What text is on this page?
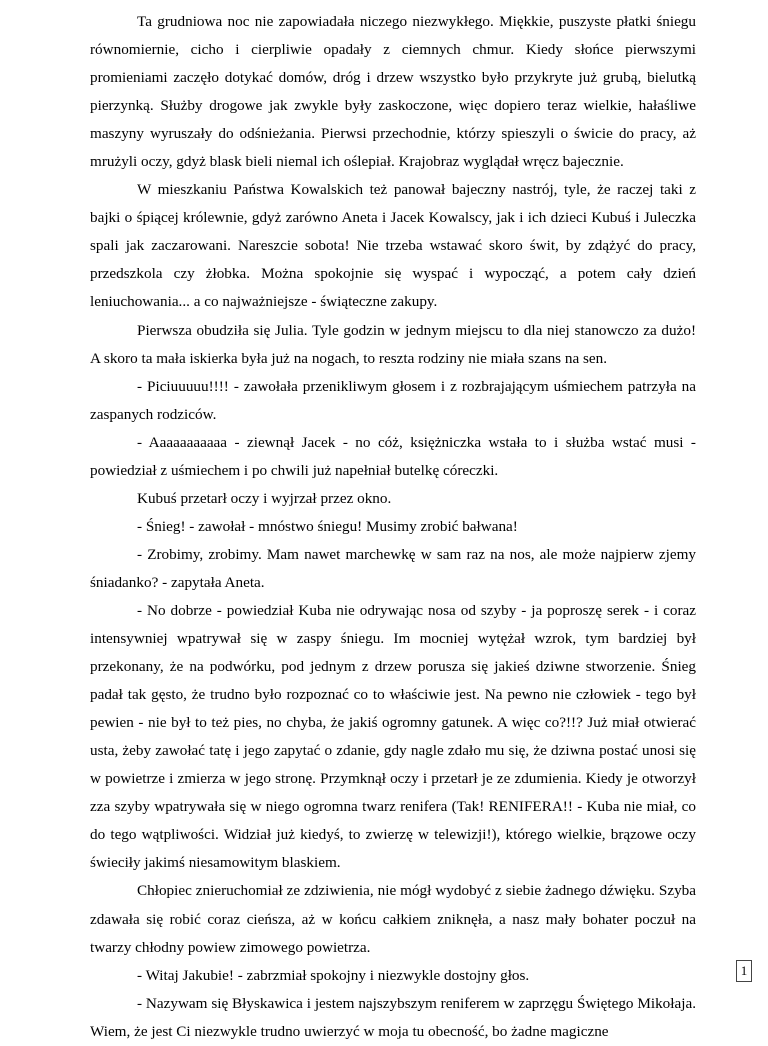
Ta grudniowa noc nie zapowiadała niczego niezwykłego. Miękkie, puszyste płatki śniegu równomiernie, cicho i cierpliwie opadały z ciemnych chmur. Kiedy słońce pierwszymi promieniami zaczęło dotykać domów, dróg i drzew wszystko było przykryte już grubą, bielutką pierzynką. Służby drogowe jak zwykle były zaskoczone, więc dopiero teraz wielkie, hałaśliwe maszyny wyruszały do odśnieżania. Pierwsi przechodnie, którzy spieszyli o świcie do pracy, aż mrużyli oczy, gdyż blask bieli niemal ich oślepiał. Krajobraz wyglądał wręcz bajecznie.

W mieszkaniu Państwa Kowalskich też panował bajeczny nastrój, tyle, że raczej taki z bajki o śpiącej królewnie, gdyż zarówno Aneta i Jacek Kowalscy, jak i ich dzieci Kubuś i Juleczka spali jak zaczarowani. Nareszcie sobota! Nie trzeba wstawać skoro świt, by zdążyć do pracy, przedszkola czy żłobka. Można spokojnie się wyspać i wypocząć, a potem cały dzień leniuchowania... a co najważniejsze - świąteczne zakupy.

Pierwsza obudziła się Julia. Tyle godzin w jednym miejscu to dla niej stanowczo za dużo! A skoro ta mała iskierka była już na nogach, to reszta rodziny nie miała szans na sen.

- Piciuuuuu!!!! - zawołała przenikliwym głosem i z rozbrajającym uśmiechem patrzyła na zaspanych rodziców.

- Aaaaaaaaaaa - ziewnął Jacek - no cóż, księżniczka wstała to i służba wstać musi - powiedział z uśmiechem i po chwili już napełniał butelkę córeczki.

Kubuś przetarł oczy i wyjrzał przez okno.

- Śnieg! - zawołał - mnóstwo śniegu! Musimy zrobić bałwana!

- Zrobimy, zrobimy. Mam nawet marchewkę w sam raz na nos, ale może najpierw zjemy śniadanko? - zapytała Aneta.

- No dobrze - powiedział Kuba nie odrywając nosa od szyby - ja poproszę serek - i coraz intensywniej wpatrywał się w zaspy śniegu. Im mocniej wytężał wzrok, tym bardziej był przekonany, że na podwórku, pod jednym z drzew porusza się jakieś dziwne stworzenie. Śnieg padał tak gęsto, że trudno było rozpoznać co to właściwie jest. Na pewno nie człowiek - tego był pewien - nie był to też pies, no chyba, że jakiś ogromny gatunek. A więc co?!!? Już miał otwierać usta, żeby zawołać tatę i jego zapytać o zdanie, gdy nagle zdało mu się, że dziwna postać unosi się w powietrze i zmierza w jego stronę. Przymknął oczy i przetarł je ze zdumienia. Kiedy je otworzył zza szyby wpatrywała się w niego ogromna twarz renifera (Tak! RENIFERA!! - Kuba nie miał, co do tego wątpliwości. Widział już kiedyś, to zwierzę w telewizji!), którego wielkie, brązowe oczy świeciły jakimś niesamowitym blaskiem.

Chłopiec znieruchomiał ze zdziwienia, nie mógł wydobyć z siebie żadnego dźwięku. Szyba zdawała się robić coraz cieńsza, aż w końcu całkiem zniknęła, a nasz mały bohater poczuł na twarzy chłodny powiew zimowego powietrza.

- Witaj Jakubie! - zabrzmiał spokojny i niezwykle dostojny głos.

- Nazywam się Błyskawica i jestem najszybszym reniferem w zaprzęgu Świętego Mikołaja. Wiem, że jest Ci niezwykle trudno uwierzyć w moja tu obecność, bo żadne magiczne

1
